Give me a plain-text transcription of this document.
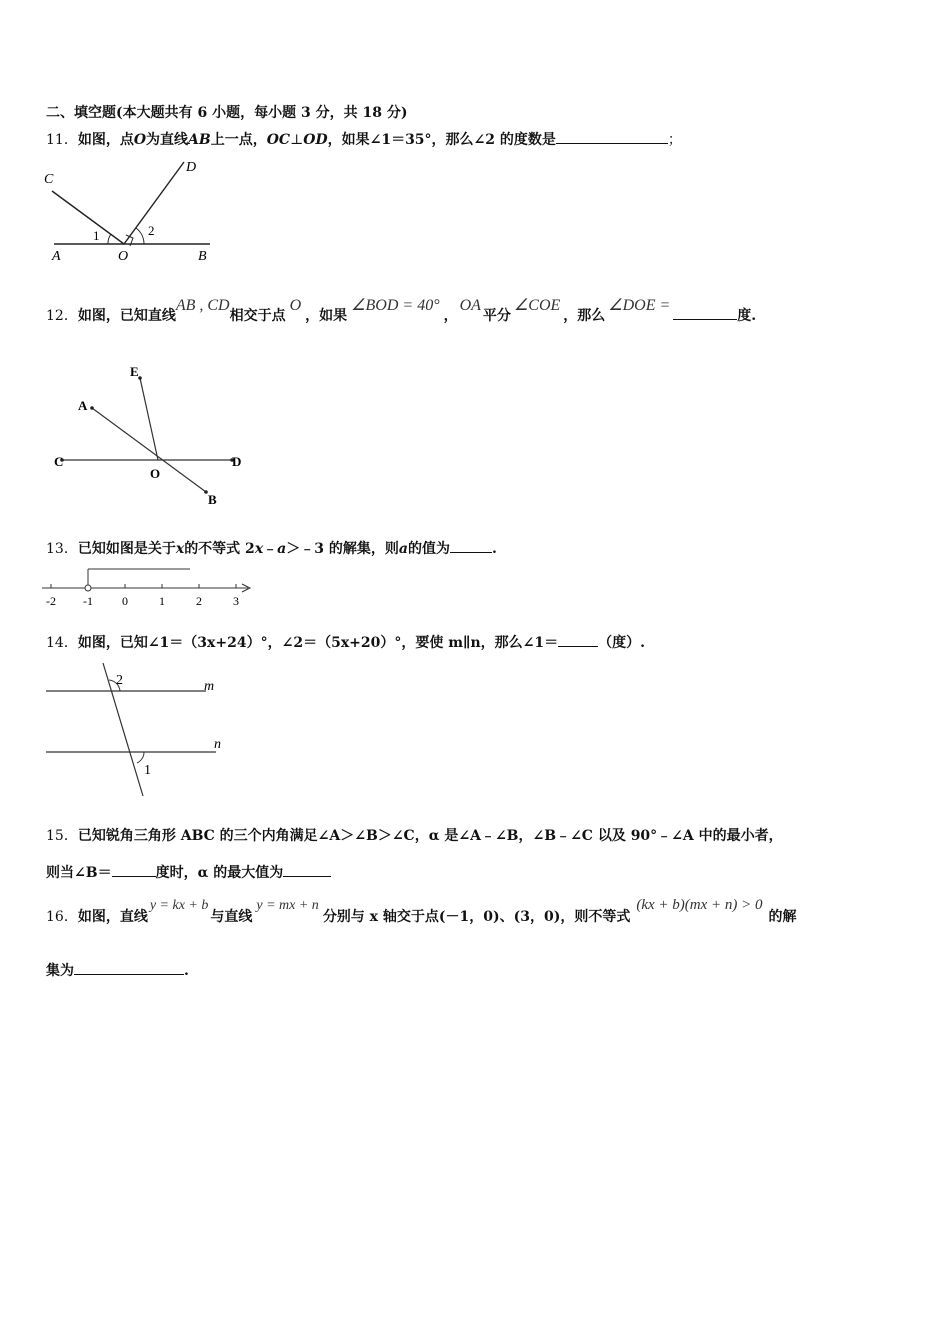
二、填空题(本大题共有 6 小题，每小题 3 分，共 18 分)
11．如图，点O为直线AB上一点，OC⊥OD，如果∠1＝35°，那么∠2 的度数是	；
C
D
A	O	B
1	2
12．如图，已知直线AB , CD相交于点O，如果∠BOD = 40°，OA平分∠COE，那么∠DOE =度.
E
A
C
O
D
B
13．已知如图是关于x的不等式 2x﹣a＞﹣3 的解集，则a的值为	.
-2 -1 0	1	2	3
14．如图，已知∠1＝（3x+24）°，∠2＝（5x+20）°，要使 m∥n，那么∠1＝	（度）.
2
1
m
n
15．已知锐角三角形 ABC 的三个内角满足∠A＞∠B＞∠C，α 是∠A﹣∠B，∠B﹣∠C 以及 90°﹣∠A 中的最小者，
则当∠B＝	度时，α 的最大值为
16．如图，直线y = kx + b与直线y = mx + n分别与 x 轴交于点(－1，0)、(3，0)，则不等式(kx + b)(mx + n) > 0的解
集为	.
